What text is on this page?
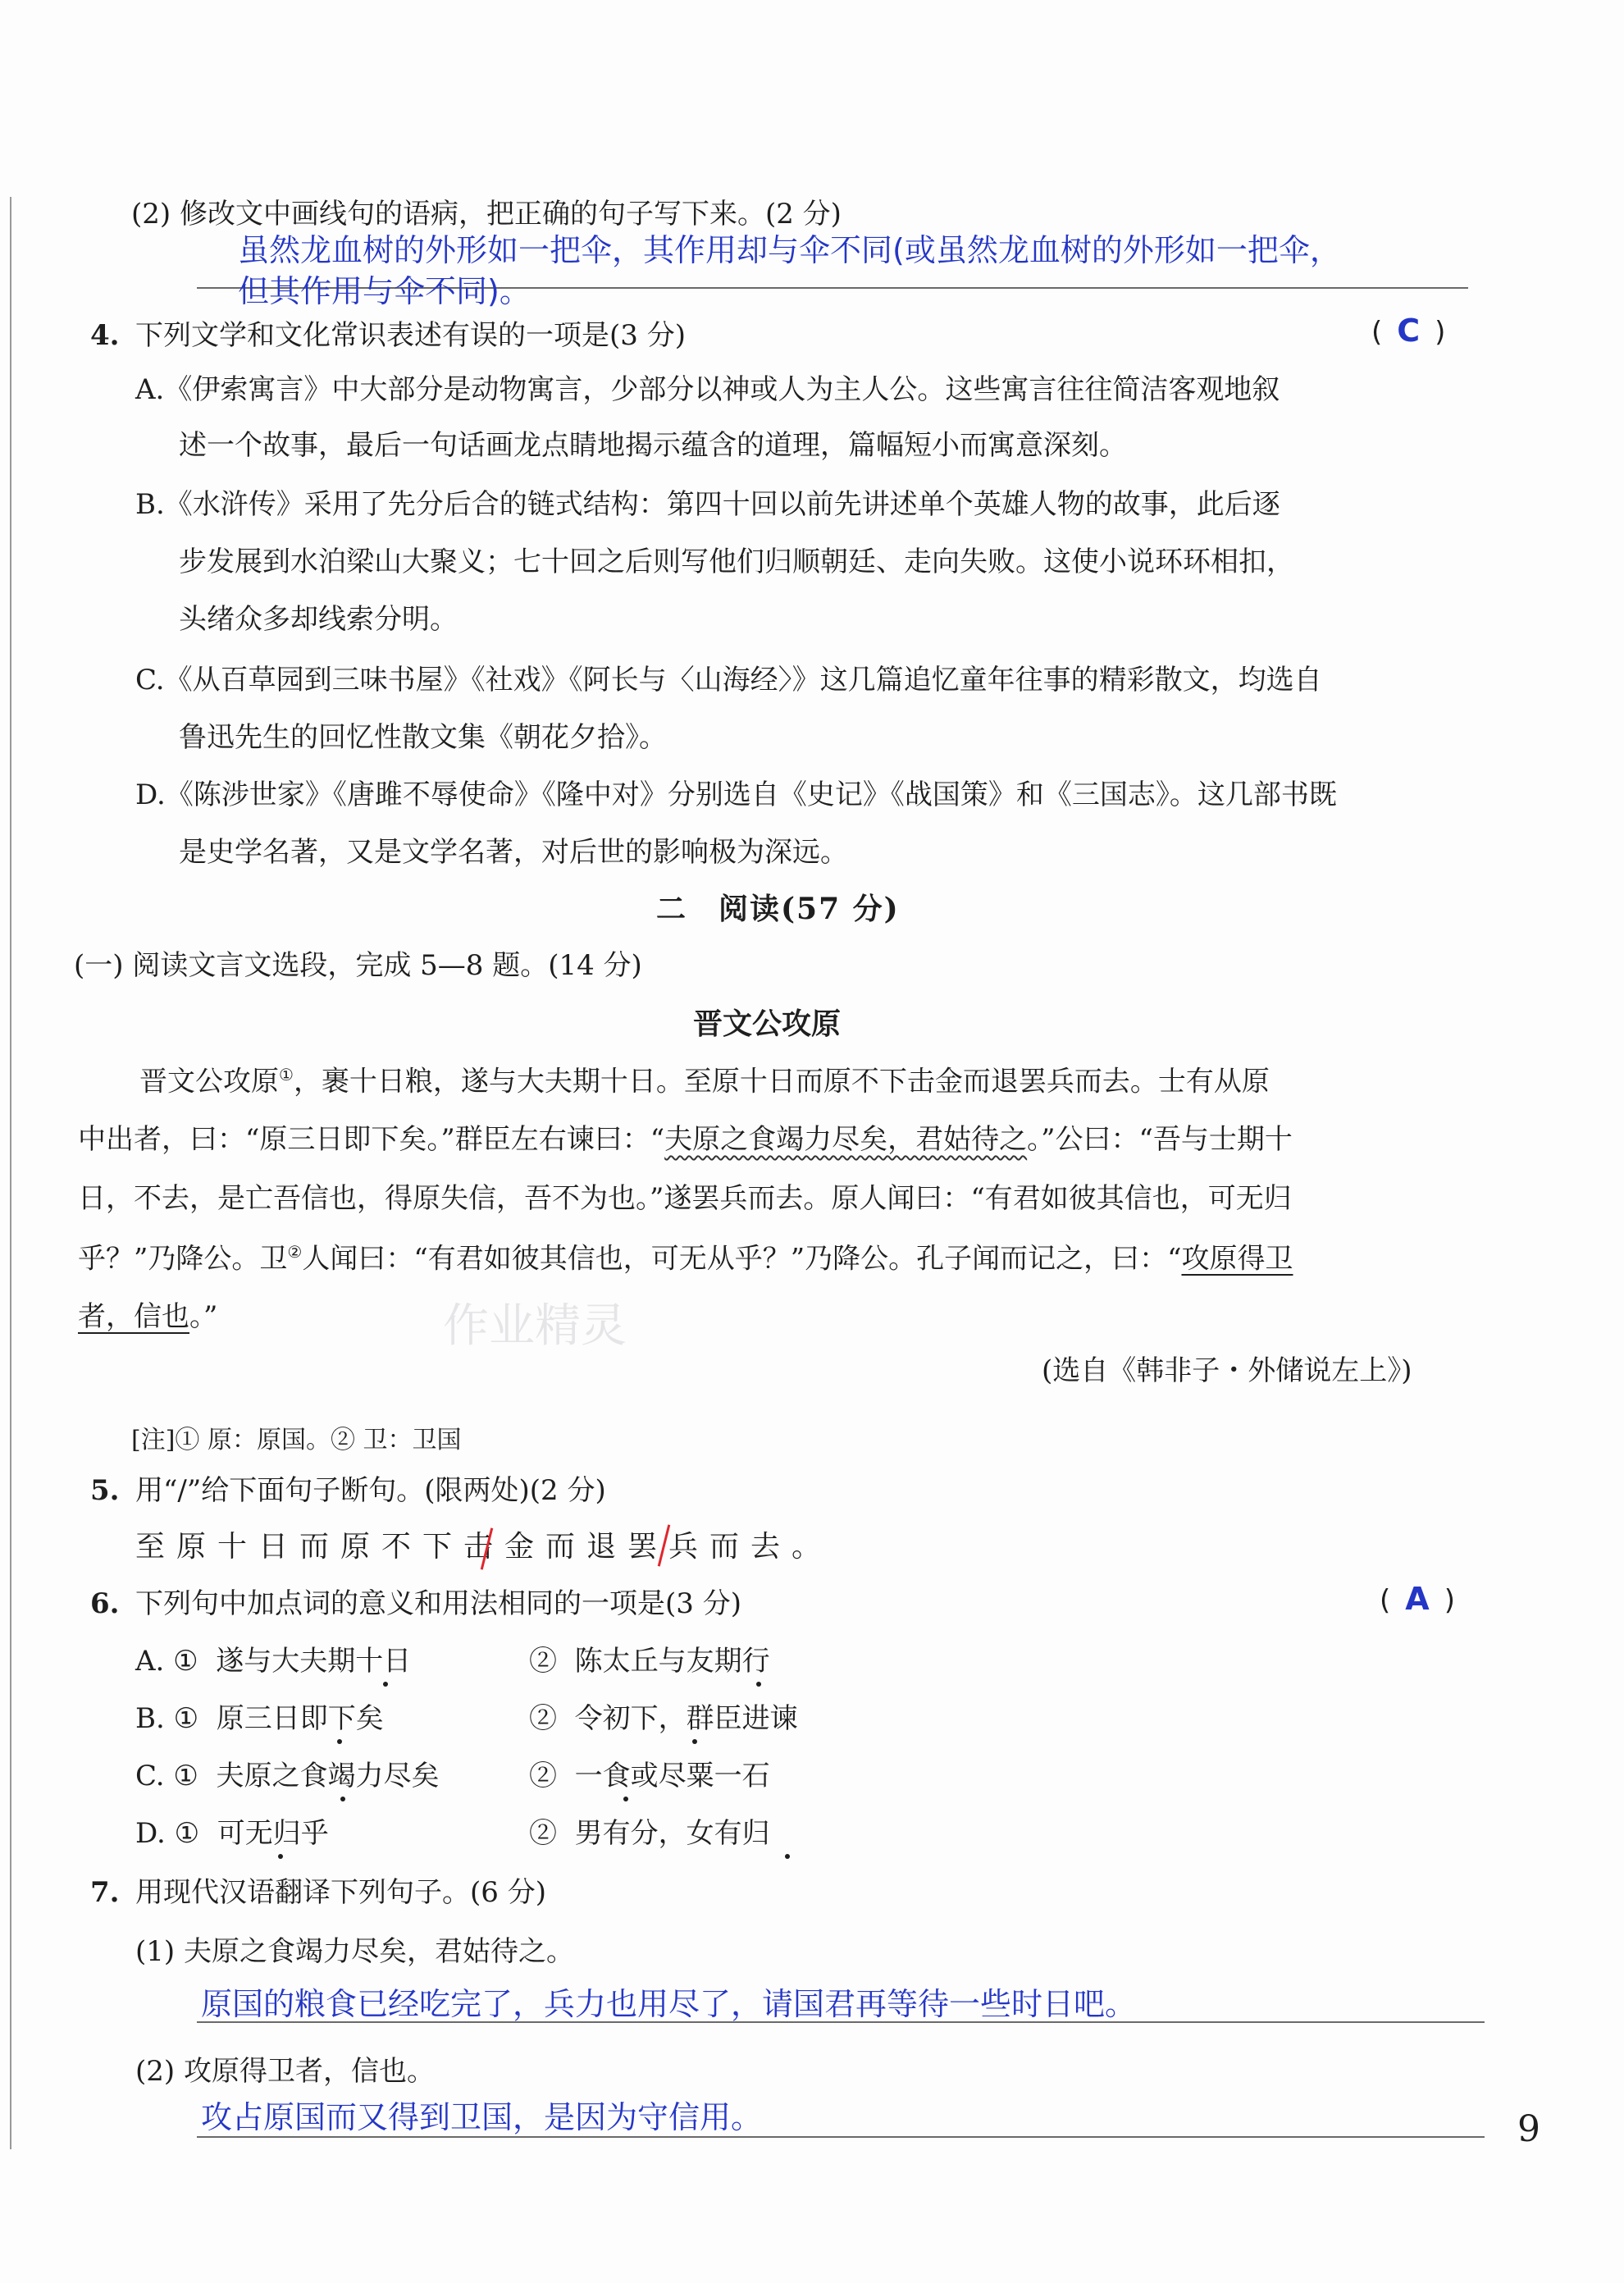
(2) 修改文中画线句的语病，把正确的句子写下来。(2 分)
虽然龙血树的外形如一把伞，其作用却与伞不同(或虽然龙血树的外形如一把伞，
但其作用与伞不同)。
4. 下列文学和文化常识表述有误的一项是(3 分)	( C )
A.《伊索寓言》中大部分是动物寓言，少部分以神或人为主人公。这些寓言往往简洁客观地叙
述一个故事，最后一句话画龙点睛地揭示蕴含的道理，篇幅短小而寓意深刻。
B.《水浒传》采用了先分后合的链式结构：第四十回以前先讲述单个英雄人物的故事，此后逐
步发展到水泊梁山大聚义；七十回之后则写他们归顺朝廷、走向失败。这使小说环环相扣，
头绪众多却线索分明。
C.《从百草园到三味书屋》《社戏》《阿长与〈山海经〉》这几篇追忆童年往事的精彩散文，均选自
鲁迅先生的回忆性散文集《朝花夕拾》。
D.《陈涉世家》《唐雎不辱使命》《隆中对》分别选自《史记》《战国策》和《三国志》。这几部书既
是史学名著，又是文学名著，对后世的影响极为深远。
二　阅读(57 分)
(一) 阅读文言文选段，完成 5—8 题。(14 分)
晋文公攻原
晋文公攻原①，裹十日粮，遂与大夫期十日。至原十日而原不下击金而退罢兵而去。士有从原
中出者，曰：“原三日即下矣。”群臣左右谏曰：“夫原之食竭力尽矣，君姑待之。”公曰：“吾与士期十
日，不去，是亡吾信也，得原失信，吾不为也。”遂罢兵而去。原人闻曰：“有君如彼其信也，可无归
乎？”乃降公。卫②人闻曰：“有君如彼其信也，可无从乎？”乃降公。孔子闻而记之，曰：“攻原得卫
者，信也。”	作业精灵
(选自《韩非子・外储说左上》)
[注]① 原：原国。② 卫：卫国
5. 用“/”给下面句子断句。(限两处)(2 分)
至原十日而原不下击金而退罢兵而去。
6. 下列句中加点词的意义和用法相同的一项是(3 分)	( A )
A. ① 遂与大夫期十日	② 陈太丘与友期行
B. ① 原三日即下矣	② 令初下，群臣进谏
C. ① 夫原之食竭力尽矣	② 一食或尽粟一石
D. ① 可无归乎	② 男有分，女有归
7. 用现代汉语翻译下列句子。(6 分)
(1) 夫原之食竭力尽矣，君姑待之。
原国的粮食已经吃完了，兵力也用尽了，请国君再等待一些时日吧。
(2) 攻原得卫者，信也。
攻占原国而又得到卫国，是因为守信用。	9
